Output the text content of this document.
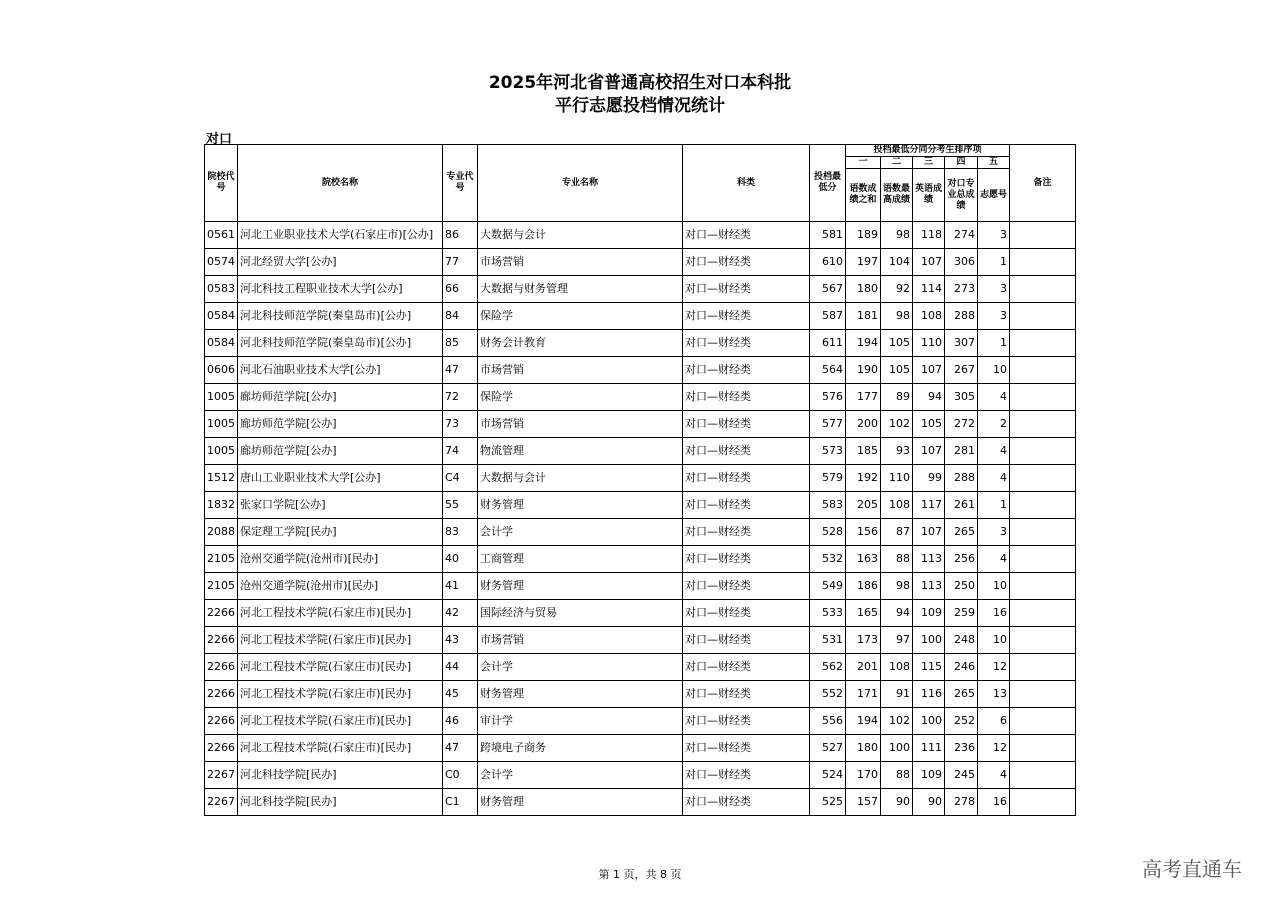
2025年河北省普通高校招生对口本科批
平行志愿投档情况统计
对口
院校代号	院校名称	专业代号	专业名称	科类	投档最低分	投档最低分同分考生排序项					备注
						一	二	三	四	五	
						语数成绩之和	语数最高成绩	英语成绩	对口专业总成绩	志愿号	
0561	河北工业职业技术大学(石家庄市)[公办]	86	大数据与会计	对口—财经类	581	189	98	118	274	3	
0574	河北经贸大学[公办]	77	市场营销	对口—财经类	610	197	104	107	306	1	
0583	河北科技工程职业技术大学[公办]	66	大数据与财务管理	对口—财经类	567	180	92	114	273	3	
0584	河北科技师范学院(秦皇岛市)[公办]	84	保险学	对口—财经类	587	181	98	108	288	3	
0584	河北科技师范学院(秦皇岛市)[公办]	85	财务会计教育	对口—财经类	611	194	105	110	307	1	
0606	河北石油职业技术大学[公办]	47	市场营销	对口—财经类	564	190	105	107	267	10	
1005	廊坊师范学院[公办]	72	保险学	对口—财经类	576	177	89	94	305	4	
1005	廊坊师范学院[公办]	73	市场营销	对口—财经类	577	200	102	105	272	2	
1005	廊坊师范学院[公办]	74	物流管理	对口—财经类	573	185	93	107	281	4	
1512	唐山工业职业技术大学[公办]	C4	大数据与会计	对口—财经类	579	192	110	99	288	4	
1832	张家口学院[公办]	55	财务管理	对口—财经类	583	205	108	117	261	1	
2088	保定理工学院[民办]	83	会计学	对口—财经类	528	156	87	107	265	3	
2105	沧州交通学院(沧州市)[民办]	40	工商管理	对口—财经类	532	163	88	113	256	4	
2105	沧州交通学院(沧州市)[民办]	41	财务管理	对口—财经类	549	186	98	113	250	10	
2266	河北工程技术学院(石家庄市)[民办]	42	国际经济与贸易	对口—财经类	533	165	94	109	259	16	
2266	河北工程技术学院(石家庄市)[民办]	43	市场营销	对口—财经类	531	173	97	100	248	10	
2266	河北工程技术学院(石家庄市)[民办]	44	会计学	对口—财经类	562	201	108	115	246	12	
2266	河北工程技术学院(石家庄市)[民办]	45	财务管理	对口—财经类	552	171	91	116	265	13	
2266	河北工程技术学院(石家庄市)[民办]	46	审计学	对口—财经类	556	194	102	100	252	6	
2266	河北工程技术学院(石家庄市)[民办]	47	跨境电子商务	对口—财经类	527	180	100	111	236	12	
2267	河北科技学院[民办]	C0	会计学	对口—财经类	524	170	88	109	245	4	
2267	河北科技学院[民办]	C1	财务管理	对口—财经类	525	157	90	90	278	16	
第 1 页，共 8 页	高考直通车
